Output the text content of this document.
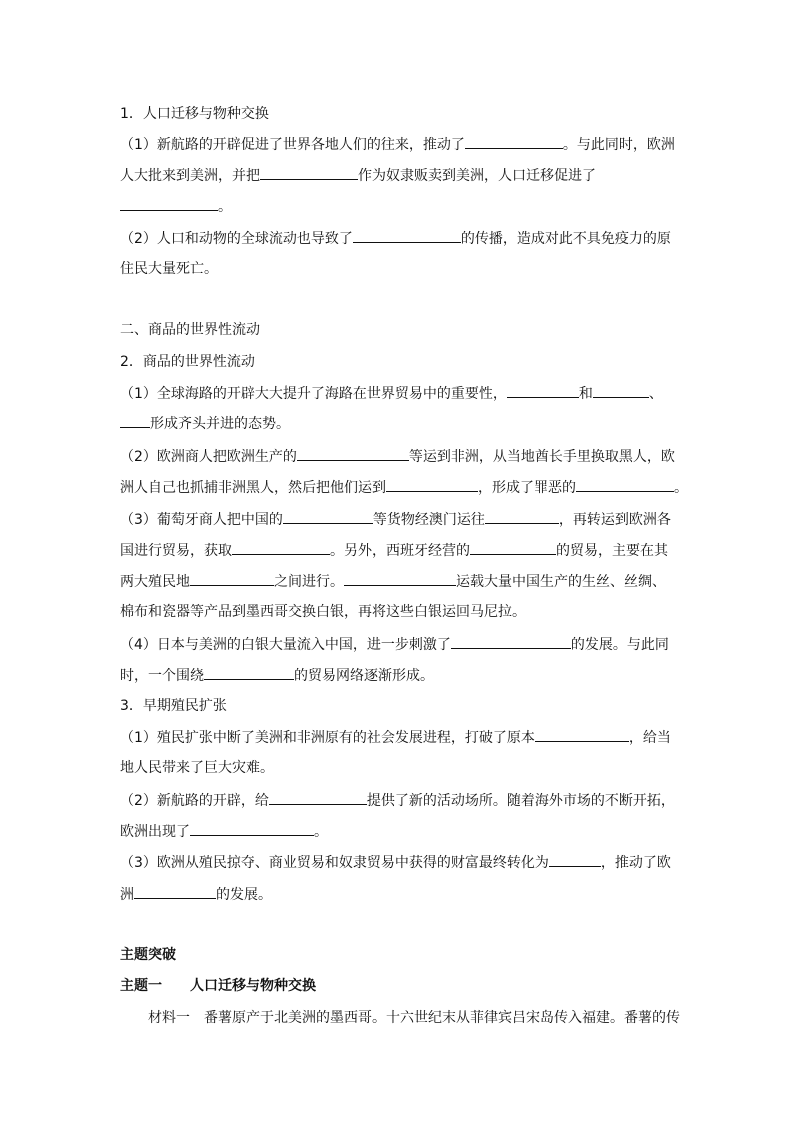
1．人口迁移与物种交换
（1）新航路的开辟促进了世界各地人们的往来，推动了	。与此同时，欧洲
人大批来到美洲，并把	作为奴隶贩卖到美洲，人口迁移促进了
。
（2）人口和动物的全球流动也导致了	的传播，造成对此不具免疫力的原
住民大量死亡。
二、商品的世界性流动
2．商品的世界性流动
（1）全球海路的开辟大大提升了海路在世界贸易中的重要性，	和	、
形成齐头并进的态势。
（2）欧洲商人把欧洲生产的	等运到非洲，从当地酋长手里换取黑人，欧
洲人自己也抓捕非洲黑人，然后把他们运到	，形成了罪恶的	。
（3）葡萄牙商人把中国的	等货物经澳门运往	，再转运到欧洲各
国进行贸易，获取	。另外，西班牙经营的	的贸易，主要在其
两大殖民地	之间进行。	运载大量中国生产的生丝、丝绸、
棉布和瓷器等产品到墨西哥交换白银，再将这些白银运回马尼拉。
（4）日本与美洲的白银大量流入中国，进一步刺激了	的发展。与此同
时，一个围绕	的贸易网络逐渐形成。
3．早期殖民扩张
（1）殖民扩张中断了美洲和非洲原有的社会发展进程，打破了原本	，给当
地人民带来了巨大灾难。
（2）新航路的开辟，给	提供了新的活动场所。随着海外市场的不断开拓，
欧洲出现了	。
（3）欧洲从殖民掠夺、商业贸易和奴隶贸易中获得的财富最终转化为	，推动了欧
洲	的发展。
主题突破
主题一　　人口迁移与物种交换
材料一　番薯原产于北美洲的墨西哥。十六世纪末从菲律宾吕宋岛传入福建。番薯的传
